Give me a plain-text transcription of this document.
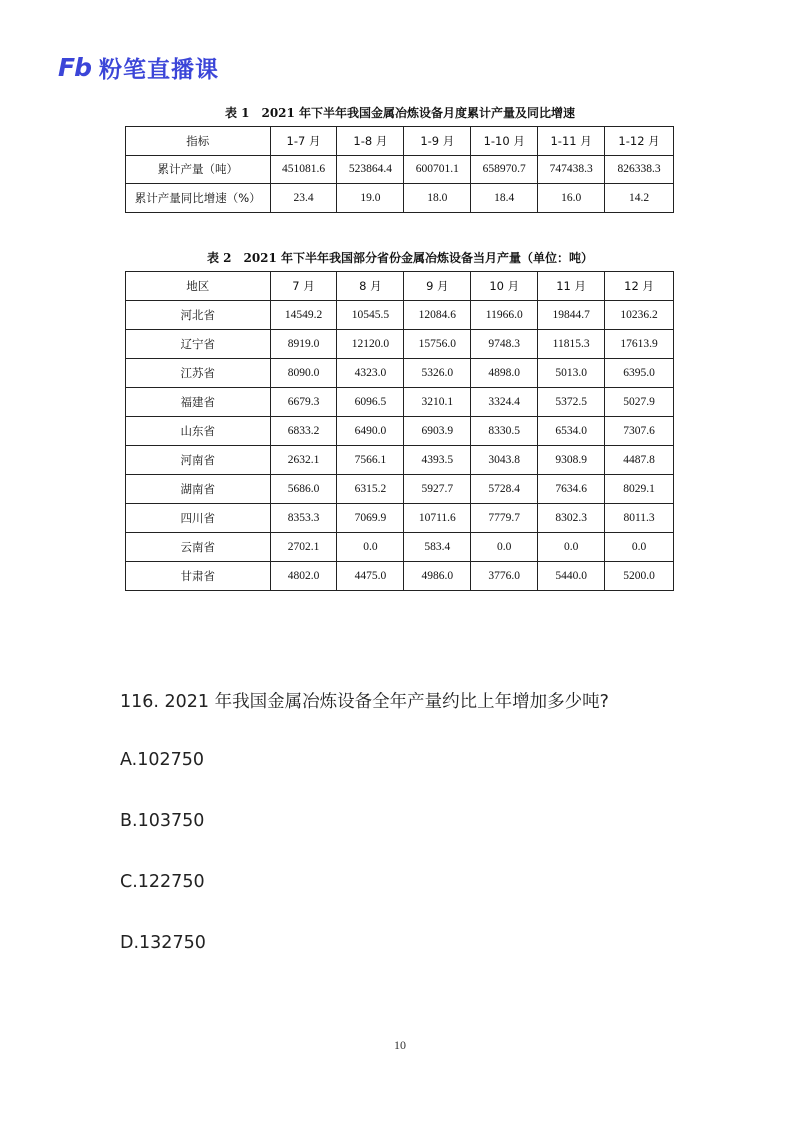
Fb 粉笔直播课
表 1　2021 年下半年我国金属冶炼设备月度累计产量及同比增速
指标	1-7 月	1-8 月	1-9 月	1-10 月	1-11 月	1-12 月
累计产量（吨）	451081.6	523864.4	600701.1	658970.7	747438.3	826338.3
累计产量同比增速（%）	23.4	19.0	18.0	18.4	16.0	14.2
表 2　2021 年下半年我国部分省份金属冶炼设备当月产量（单位：吨）
地区	7 月	8 月	9 月	10 月	11 月	12 月
河北省	14549.2	10545.5	12084.6	11966.0	19844.7	10236.2
辽宁省	8919.0	12120.0	15756.0	9748.3	11815.3	17613.9
江苏省	8090.0	4323.0	5326.0	4898.0	5013.0	6395.0
福建省	6679.3	6096.5	3210.1	3324.4	5372.5	5027.9
山东省	6833.2	6490.0	6903.9	8330.5	6534.0	7307.6
河南省	2632.1	7566.1	4393.5	3043.8	9308.9	4487.8
湖南省	5686.0	6315.2	5927.7	5728.4	7634.6	8029.1
四川省	8353.3	7069.9	10711.6	7779.7	8302.3	8011.3
云南省	2702.1	0.0	583.4	0.0	0.0	0.0
甘肃省	4802.0	4475.0	4986.0	3776.0	5440.0	5200.0
116. 2021 年我国金属冶炼设备全年产量约比上年增加多少吨?
A.102750
B.103750
C.122750
D.132750
10
